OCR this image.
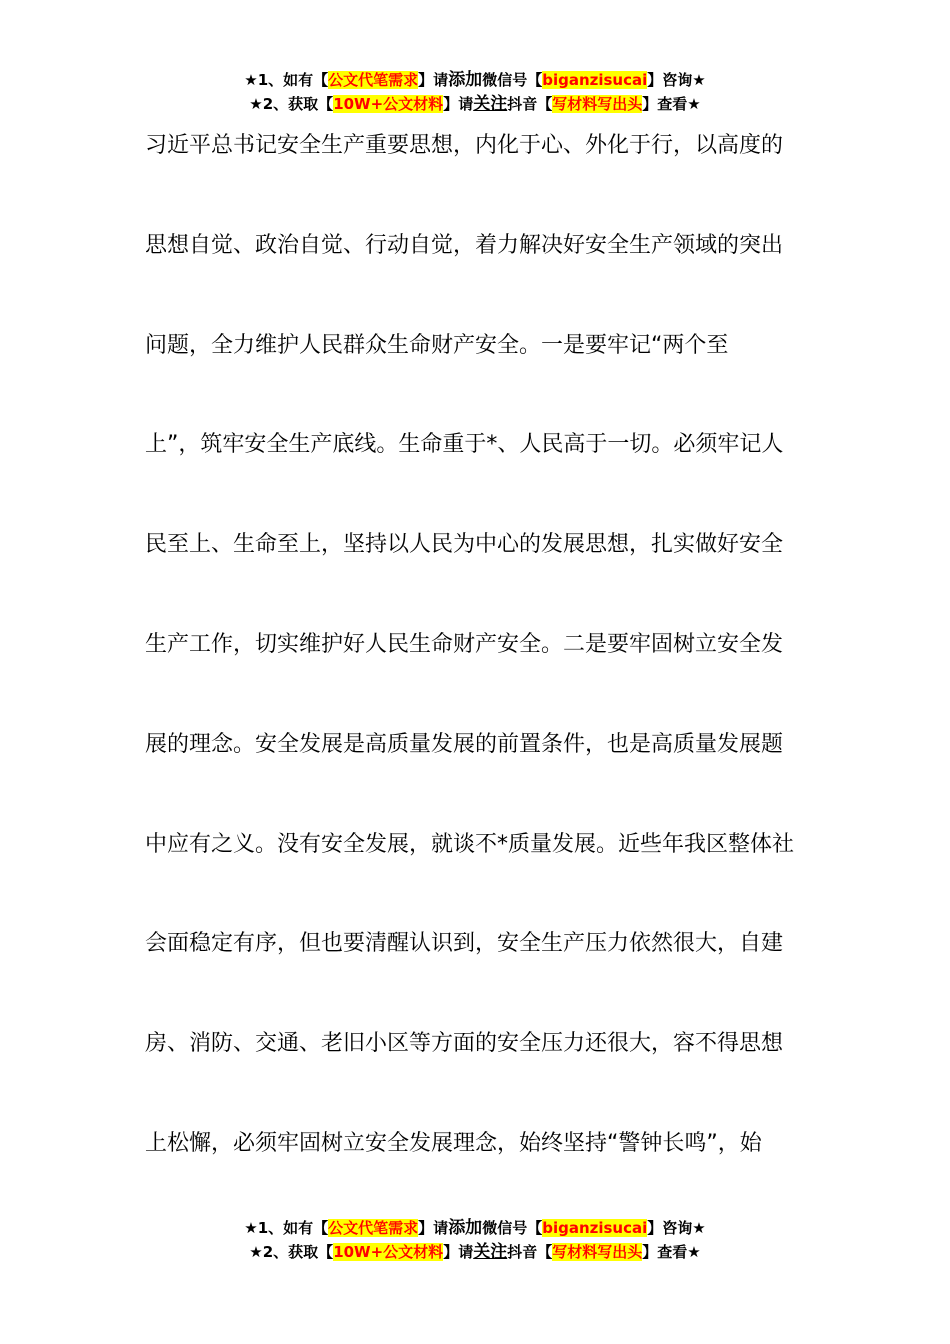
★1、如有【公文代笔需求】请添加微信号【biganzisucai】咨询★
★2、获取【10W+公文材料】请关注抖音【写材料写出头】查看★
习近平总书记安全生产重要思想，内化于心、外化于行，以高度的
思想自觉、政治自觉、行动自觉，着力解决好安全生产领域的突出
问题，全力维护人民群众生命财产安全。一是要牢记“两个至
上”，筑牢安全生产底线。生命重于*、人民高于一切。必须牢记人
民至上、生命至上，坚持以人民为中心的发展思想，扎实做好安全
生产工作，切实维护好人民生命财产安全。二是要牢固树立安全发
展的理念。安全发展是高质量发展的前置条件，也是高质量发展题
中应有之义。没有安全发展，就谈不*质量发展。近些年我区整体社
会面稳定有序，但也要清醒认识到，安全生产压力依然很大，自建
房、消防、交通、老旧小区等方面的安全压力还很大，容不得思想
上松懈，必须牢固树立安全发展理念，始终坚持“警钟长鸣”，始
★1、如有【公文代笔需求】请添加微信号【biganzisucai】咨询★
★2、获取【10W+公文材料】请关注抖音【写材料写出头】查看★
